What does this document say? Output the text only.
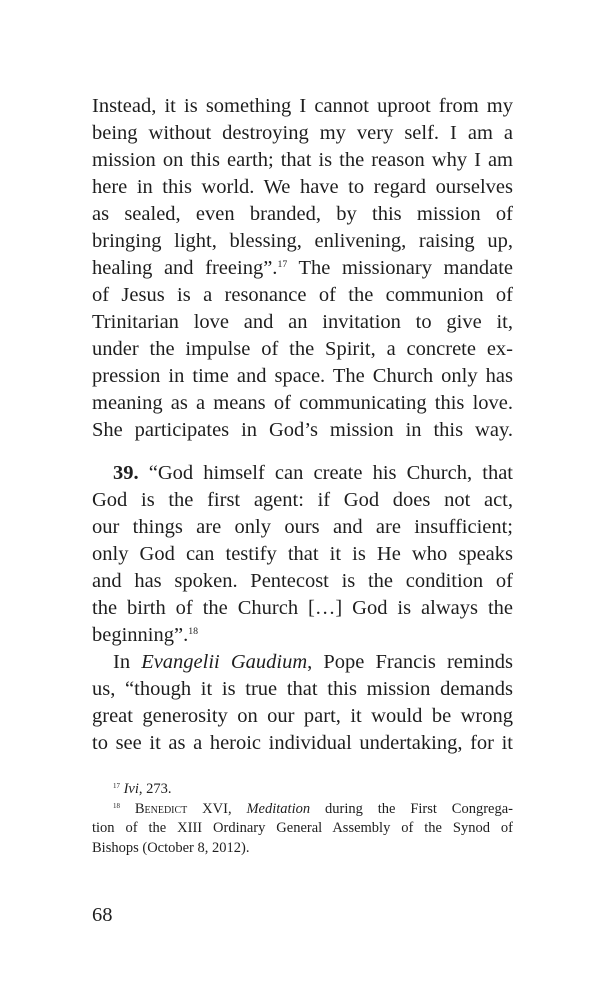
Instead, it is something I cannot uproot from my
being without destroying my very self. I am a
mission on this earth; that is the reason why I am
here in this world. We have to regard ourselves
as sealed, even branded, by this mission of
bringing light, blessing, enlivening, raising up,
healing and freeing”.$^{17}$ The missionary mandate
of Jesus is a resonance of the communion of
Trinitarian love and an invitation to give it,
under the impulse of the Spirit, a concrete ex-
pression in time and space. The Church only has
meaning as a means of communicating this love.
She participates in God’s mission in this way.
39. “God himself can create his Church, that
God is the first agent: if God does not act,
our things are only ours and are insufficient;
only God can testify that it is He who speaks
and has spoken. Pentecost is the condition of
the birth of the Church […] God is always the
beginning”.$^{18}$
In Evangelii Gaudium, Pope Francis reminds
us, “though it is true that this mission demands
great generosity on our part, it would be wrong
to see it as a heroic individual undertaking, for it
$^{17}$ Ivi, 273.
$^{18}$ Benedict XVI, Meditation during the First Congrega-
tion of the XIII Ordinary General Assembly of the Synod of
Bishops (October 8, 2012).
68
